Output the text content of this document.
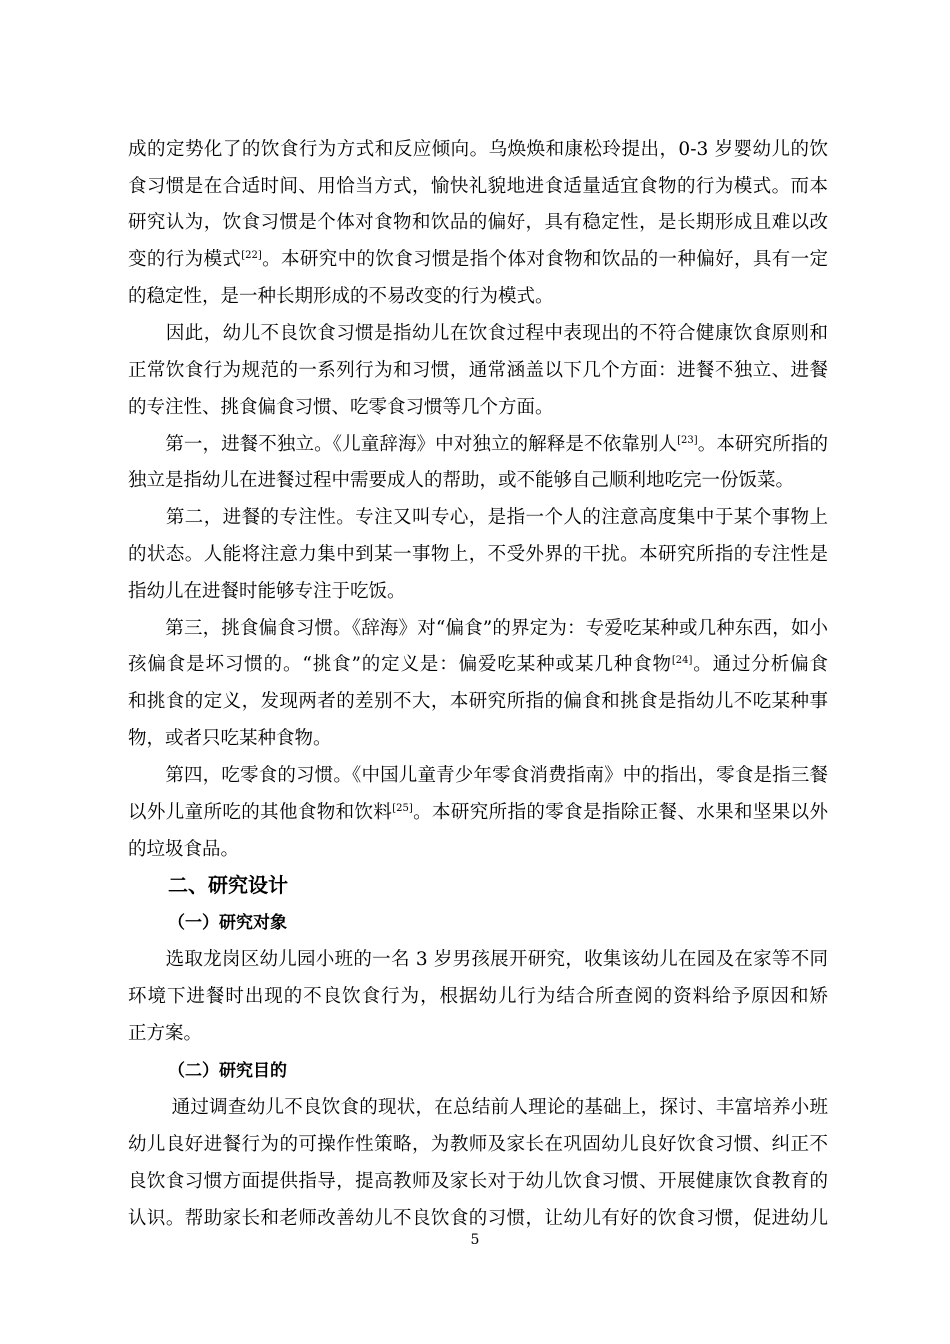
成的定势化了的饮食行为方式和反应倾向。乌焕焕和康松玲提出，0-3 岁婴幼儿的饮
食习惯是在合适时间、用恰当方式，愉快礼貌地进食适量适宜食物的行为模式。而本
研究认为，饮食习惯是个体对食物和饮品的偏好，具有稳定性，是长期形成且难以改
变的行为模式[22]。本研究中的饮食习惯是指个体对食物和饮品的一种偏好，具有一定
的稳定性，是一种长期形成的不易改变的行为模式。
　　因此，幼儿不良饮食习惯是指幼儿在饮食过程中表现出的不符合健康饮食原则和
正常饮食行为规范的一系列行为和习惯，通常涵盖以下几个方面：进餐不独立、进餐
的专注性、挑食偏食习惯、吃零食习惯等几个方面。
　　第一，进餐不独立。《儿童辞海》中对独立的解释是不依靠别人[23]。本研究所指的
独立是指幼儿在进餐过程中需要成人的帮助，或不能够自己顺利地吃完一份饭菜。
　　第二，进餐的专注性。专注又叫专心，是指一个人的注意高度集中于某个事物上
的状态。人能将注意力集中到某一事物上，不受外界的干扰。本研究所指的专注性是
指幼儿在进餐时能够专注于吃饭。
　　第三，挑食偏食习惯。《辞海》对“偏食”的界定为：专爱吃某种或几种东西，如小
孩偏食是坏习惯的。“挑食”的定义是：偏爱吃某种或某几种食物[24]。通过分析偏食
和挑食的定义，发现两者的差别不大，本研究所指的偏食和挑食是指幼儿不吃某种事
物，或者只吃某种食物。
　　第四，吃零食的习惯。《中国儿童青少年零食消费指南》中的指出，零食是指三餐
以外儿童所吃的其他食物和饮料[25]。本研究所指的零食是指除正餐、水果和坚果以外
的垃圾食品。
二、研究设计
（一）研究对象
　　选取龙岗区幼儿园小班的一名 3 岁男孩展开研究，收集该幼儿在园及在家等不同
环境下进餐时出现的不良饮食行为，根据幼儿行为结合所查阅的资料给予原因和矫
正方案。
（二）研究目的
　　 通过调查幼儿不良饮食的现状，在总结前人理论的基础上，探讨、丰富培养小班
幼儿良好进餐行为的可操作性策略，为教师及家长在巩固幼儿良好饮食习惯、纠正不
良饮食习惯方面提供指导，提高教师及家长对于幼儿饮食习惯、开展健康饮食教育的
认识。帮助家长和老师改善幼儿不良饮食的习惯，让幼儿有好的饮食习惯，促进幼儿
5
